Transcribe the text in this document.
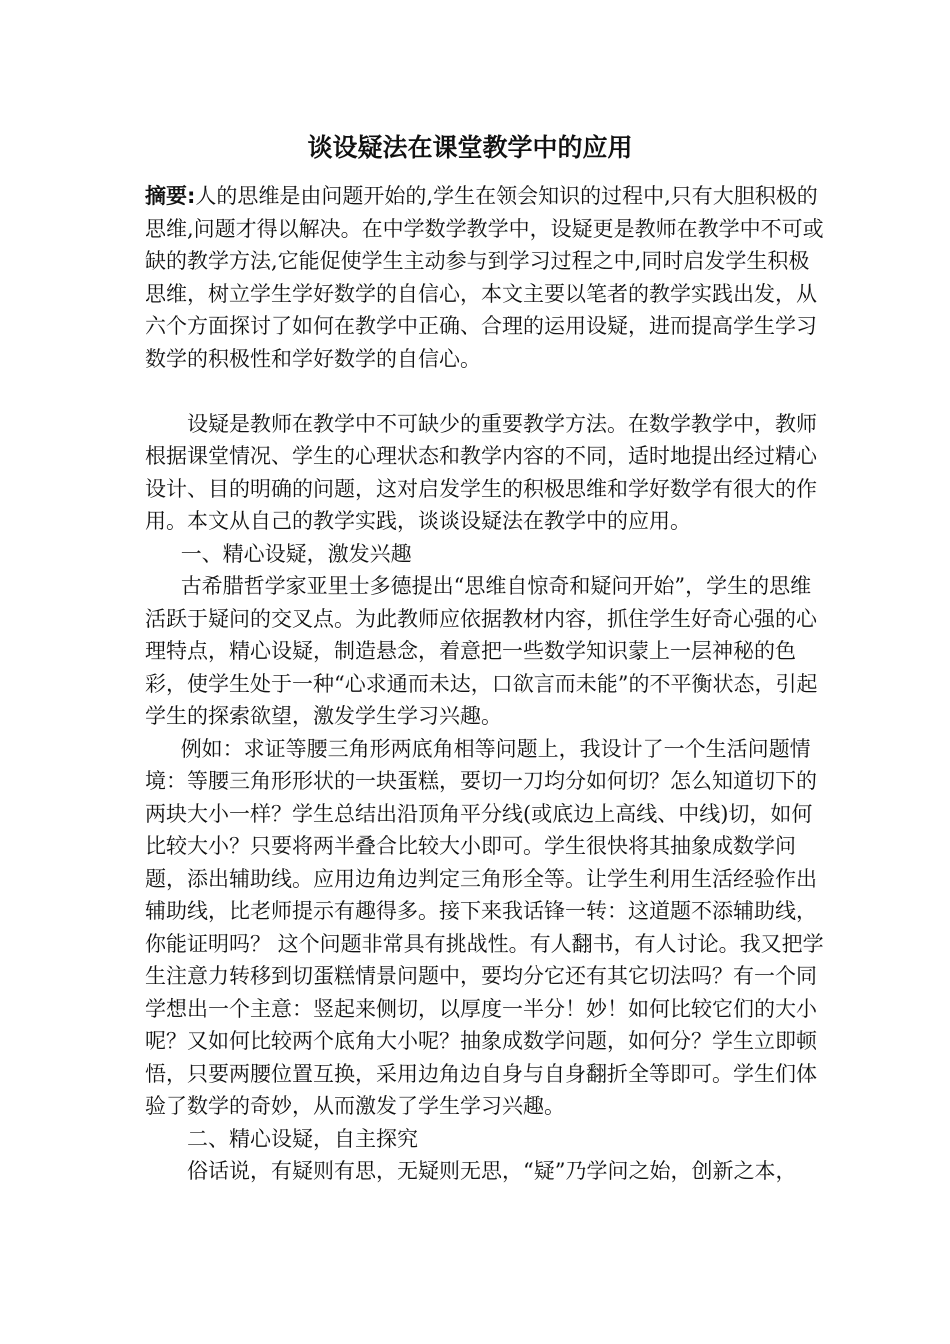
谈设疑法在课堂教学中的应用

摘要:人的思维是由问题开始的,学生在领会知识的过程中,只有大胆积极的思维,问题才得以解决。在中学数学教学中，设疑更是教师在教学中不可或缺的教学方法,它能促使学生主动参与到学习过程之中,同时启发学生积极思维，树立学生学好数学的自信心，本文主要以笔者的教学实践出发，从六个方面探讨了如何在教学中正确、合理的运用设疑，进而提高学生学习数学的积极性和学好数学的自信心。

设疑是教师在教学中不可缺少的重要教学方法。在数学教学中，教师根据课堂情况、学生的心理状态和教学内容的不同，适时地提出经过精心设计、目的明确的问题，这对启发学生的积极思维和学好数学有很大的作用。本文从自己的教学实践，谈谈设疑法在教学中的应用。

一、精心设疑，激发兴趣

古希腊哲学家亚里士多德提出“思维自惊奇和疑问开始”，学生的思维活跃于疑问的交叉点。为此教师应依据教材内容，抓住学生好奇心强的心理特点，精心设疑，制造悬念，着意把一些数学知识蒙上一层神秘的色彩，使学生处于一种“心求通而未达，口欲言而未能”的不平衡状态，引起学生的探索欲望，激发学生学习兴趣。

例如：求证等腰三角形两底角相等问题上，我设计了一个生活问题情境：等腰三角形形状的一块蛋糕，要切一刀均分如何切？怎么知道切下的两块大小一样？学生总结出沿顶角平分线(或底边上高线、中线)切，如何比较大小？只要将两半叠合比较大小即可。学生很快将其抽象成数学问题，添出辅助线。应用边角边判定三角形全等。让学生利用生活经验作出辅助线，比老师提示有趣得多。接下来我话锋一转：这道题不添辅助线，你能证明吗？ 这个问题非常具有挑战性。有人翻书，有人讨论。我又把学生注意力转移到切蛋糕情景问题中，要均分它还有其它切法吗？有一个同学想出一个主意：竖起来侧切，以厚度一半分！妙！如何比较它们的大小呢？又如何比较两个底角大小呢？抽象成数学问题，如何分？学生立即顿悟，只要两腰位置互换，采用边角边自身与自身翻折全等即可。学生们体验了数学的奇妙，从而激发了学生学习兴趣。

二、精心设疑，自主探究

俗话说，有疑则有思，无疑则无思，“疑”乃学问之始，创新之本，
